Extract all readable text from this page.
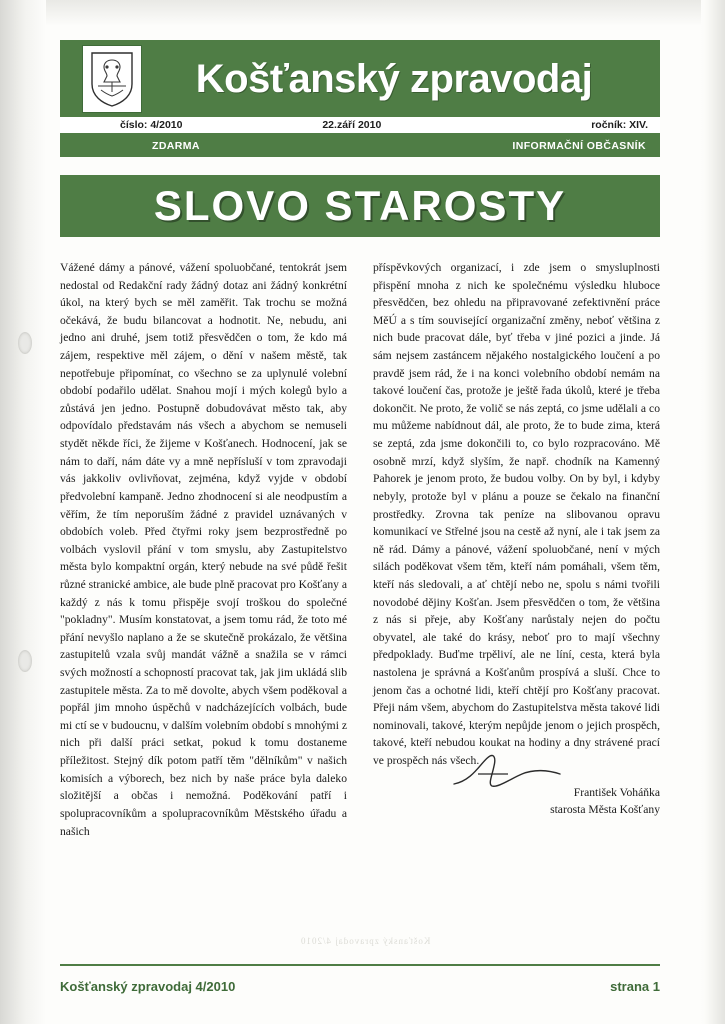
Košťanský zpravodaj
číslo: 4/2010	22.září 2010	ročník: XIV.
ZDARMA	INFORMAČNÍ OBČASNÍK
SLOVO STAROSTY

Vážené dámy a pánové, vážení spoluobčané, tentokrát jsem nedostal od Redakční rady žádný dotaz ani žádný konkrétní úkol, na který bych se měl zaměřit. Tak trochu se možná očekává, že budu bilancovat a hodnotit. Ne, nebudu, ani jedno ani druhé, jsem totiž přesvědčen o tom, že kdo má zájem, respektive měl zájem, o dění v našem městě, tak nepotřebuje připomínat, co všechno se za uplynulé volební období podařilo udělat. Snahou mojí i mých kolegů bylo a zůstává jen jedno. Postupně dobudovávat město tak, aby odpovídalo představám nás všech a abychom se nemuseli stydět někde říci, že žijeme v Košťanech. Hodnocení, jak se nám to daří, nám dáte vy a mně nepřísluší v tom zpravodaji vás jakkoliv ovlivňovat, zejména, když vyjde v období předvolební kampaně. Jedno zhodnocení si ale neodpustím a věřím, že tím neporuším žádné z pravidel uznávaných v obdobích voleb. Před čtyřmi roky jsem bezprostředně po volbách vyslovil přání v tom smyslu, aby Zastupitelstvo města bylo kompaktní orgán, který nebude na své půdě řešit různé stranické ambice, ale bude plně pracovat pro Košťany a každý z nás k tomu přispěje svojí troškou do společné "pokladny". Musím konstatovat, a jsem tomu rád, že toto mé přání nevyšlo naplano a že se skutečně prokázalo, že většina zastupitelů vzala svůj mandát vážně a snažila se v rámci svých možností a schopností pracovat tak, jak jim ukládá slib zastupitele města. Za to mě dovolte, abych všem poděkoval a popřál jim mnoho úspěchů v nadcházejících volbách, bude mi ctí se v budoucnu, v dalším volebním období s mnohými z nich při další práci setkat, pokud k tomu dostaneme příležitost. Stejný dík potom patří těm "dělníkům" v našich komisích a výborech, bez nich by naše práce byla daleko složitější a občas i nemožná. Poděkování patří i spolupracovníkům a spolupracovníkům Městského úřadu a našich

příspěvkových organizací, i zde jsem o smysluplnosti přispění mnoha z nich ke společnému výsledku hluboce přesvědčen, bez ohledu na připravované zefektivnění práce MěÚ a s tím související organizační změny, neboť většina z nich bude pracovat dále, byť třeba v jiné pozici a jinde. Já sám nejsem zastáncem nějakého nostalgického loučení a po pravdě jsem rád, že i na konci volebního období nemám na takové loučení čas, protože je ještě řada úkolů, které je třeba dokončit. Ne proto, že volič se nás zeptá, co jsme udělali a co mu můžeme nabídnout dál, ale proto, že to bude zima, která se zeptá, zda jsme dokončili to, co bylo rozpracováno. Mě osobně mrzí, když slyším, že např. chodník na Kamenný Pahorek je jenom proto, že budou volby. On by byl, i kdyby nebyly, protože byl v plánu a pouze se čekalo na finanční prostředky. Zrovna tak peníze na slibovanou opravu komunikací ve Střelné jsou na cestě až nyní, ale i tak jsem za ně rád. Dámy a pánové, vážení spoluobčané, není v mých silách poděkovat všem těm, kteří nám pomáhali, všem těm, kteří nás sledovali, a ať chtějí nebo ne, spolu s námi tvořili novodobé dějiny Košťan. Jsem přesvědčen o tom, že většina z nás si přeje, aby Košťany narůstaly nejen do počtu obyvatel, ale také do krásy, neboť pro to mají všechny předpoklady. Buďme trpěliví, ale ne líní, cesta, která byla nastolena je správná a Košťanům prospívá a sluší. Chce to jenom čas a ochotné lidi, kteří chtějí pro Košťany pracovat. Přeji nám všem, abychom do Zastupitelstva města takové lidi nominovali, takové, kterým nepůjde jenom o jejich prospěch, takové, kteří nebudou koukat na hodiny a dny strávené prací ve prospěch nás všech.

František Voháňka
starosta Města Košťany
Košťanský zpravodaj 4/2010
Košťanský zpravodaj 4/2010	strana 1
